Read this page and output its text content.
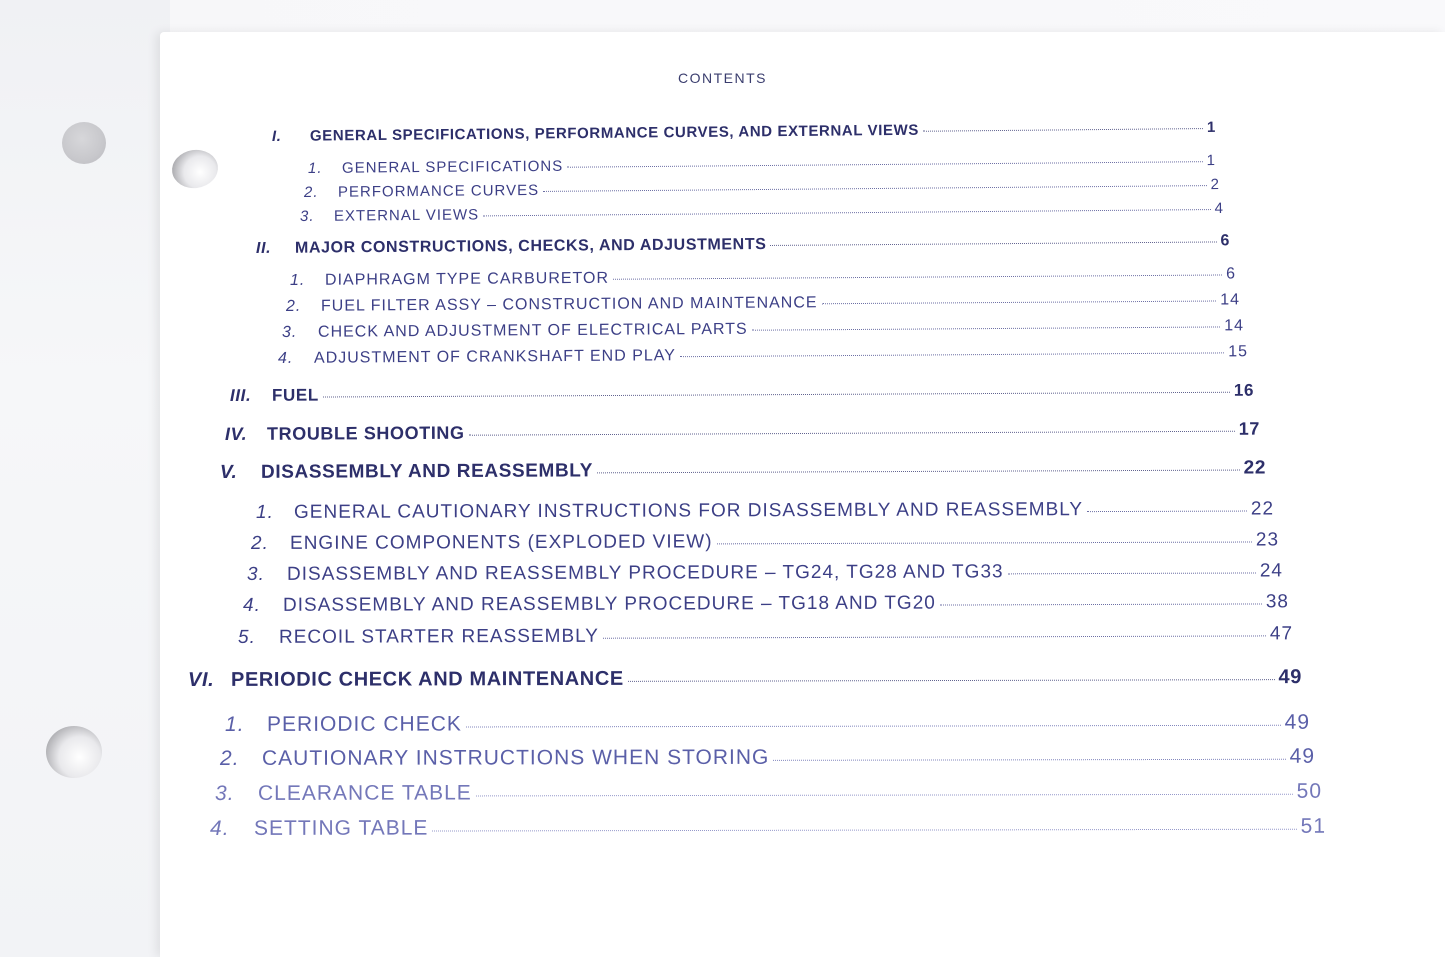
CONTENTS
I.	GENERAL SPECIFICATIONS, PERFORMANCE CURVES, AND EXTERNAL VIEWS	1
1.	GENERAL SPECIFICATIONS	1
2.	PERFORMANCE CURVES	2
3.	EXTERNAL VIEWS	4
II.	MAJOR CONSTRUCTIONS, CHECKS, AND ADJUSTMENTS	6
1.	DIAPHRAGM TYPE CARBURETOR	6
2.	FUEL FILTER ASSY – CONSTRUCTION AND MAINTENANCE	14
3.	CHECK AND ADJUSTMENT OF ELECTRICAL PARTS	14
4.	ADJUSTMENT OF CRANKSHAFT END PLAY	15
III.	FUEL	16
IV.	TROUBLE SHOOTING	17
V.	DISASSEMBLY AND REASSEMBLY	22
1.	GENERAL CAUTIONARY INSTRUCTIONS FOR DISASSEMBLY AND REASSEMBLY	22
2.	ENGINE COMPONENTS (EXPLODED VIEW)	23
3.	DISASSEMBLY AND REASSEMBLY PROCEDURE – TG24, TG28 AND TG33	24
4.	DISASSEMBLY AND REASSEMBLY PROCEDURE – TG18 AND TG20	38
5.	RECOIL STARTER REASSEMBLY	47
VI. PERIODIC CHECK AND MAINTENANCE	49
1.	PERIODIC CHECK	49
2.	CAUTIONARY INSTRUCTIONS WHEN STORING	49
3.	CLEARANCE TABLE	50
4.	SETTING TABLE	51
